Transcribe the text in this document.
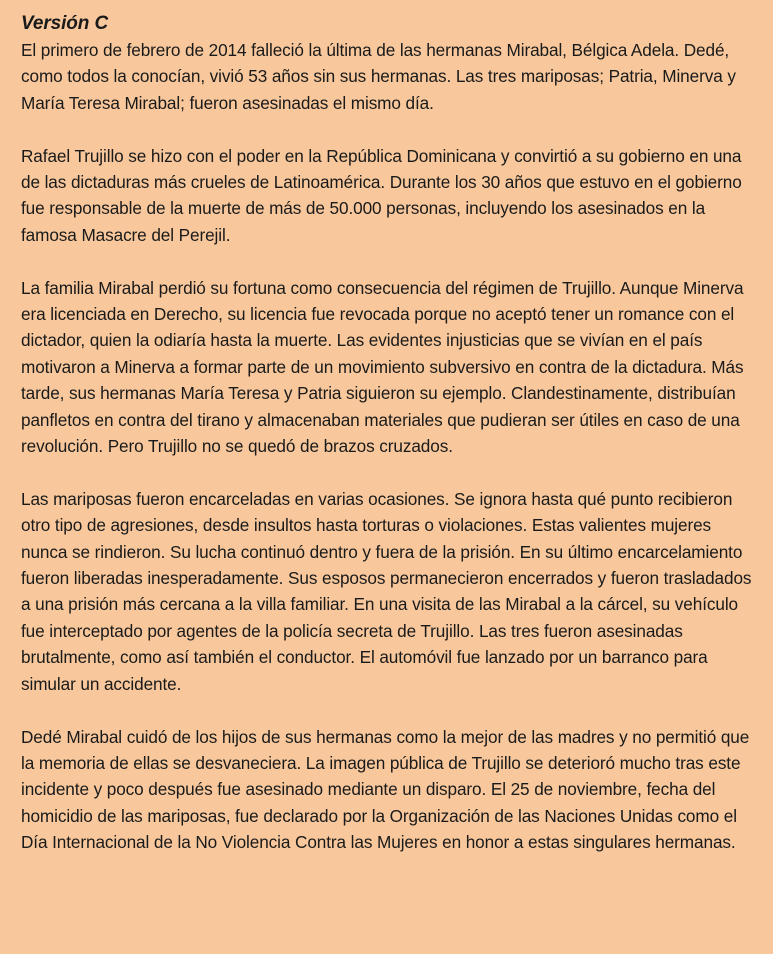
Versión C

El primero de febrero de 2014 falleció la última de las hermanas Mirabal, Bélgica Adela. Dedé, como todos la conocían, vivió 53 años sin sus hermanas. Las tres mariposas; Patria, Minerva y María Teresa Mirabal; fueron asesinadas el mismo día.

Rafael Trujillo se hizo con el poder en la República Dominicana y convirtió a su gobierno en una de las dictaduras más crueles de Latinoamérica. Durante los 30 años que estuvo en el gobierno fue responsable de la muerte de más de 50.000 personas, incluyendo los asesinados en la famosa Masacre del Perejil.

La familia Mirabal perdió su fortuna como consecuencia del régimen de Trujillo. Aunque Minerva era licenciada en Derecho, su licencia fue revocada porque no aceptó tener un romance con el dictador, quien la odiaría hasta la muerte. Las evidentes injusticias que se vivían en el país motivaron a Minerva a formar parte de un movimiento subversivo en contra de la dictadura. Más tarde, sus hermanas María Teresa y Patria siguieron su ejemplo. Clandestinamente, distribuían panfletos en contra del tirano y almacenaban materiales que pudieran ser útiles en caso de una revolución. Pero Trujillo no se quedó de brazos cruzados.

Las mariposas fueron encarceladas en varias ocasiones. Se ignora hasta qué punto recibieron otro tipo de agresiones, desde insultos hasta torturas o violaciones. Estas valientes mujeres nunca se rindieron. Su lucha continuó dentro y fuera de la prisión. En su último encarcelamiento fueron liberadas inesperadamente. Sus esposos permanecieron encerrados y fueron trasladados a una prisión más cercana a la villa familiar. En una visita de las Mirabal a la cárcel, su vehículo fue interceptado por agentes de la policía secreta de Trujillo. Las tres fueron asesinadas brutalmente, como así también el conductor. El automóvil fue lanzado por un barranco para simular un accidente.

Dedé Mirabal cuidó de los hijos de sus hermanas como la mejor de las madres y no permitió que la memoria de ellas se desvaneciera. La imagen pública de Trujillo se deterioró mucho tras este incidente y poco después fue asesinado mediante un disparo. El 25 de noviembre, fecha del homicidio de las mariposas, fue declarado por la Organización de las Naciones Unidas como el Día Internacional de la No Violencia Contra las Mujeres en honor a estas singulares hermanas.
